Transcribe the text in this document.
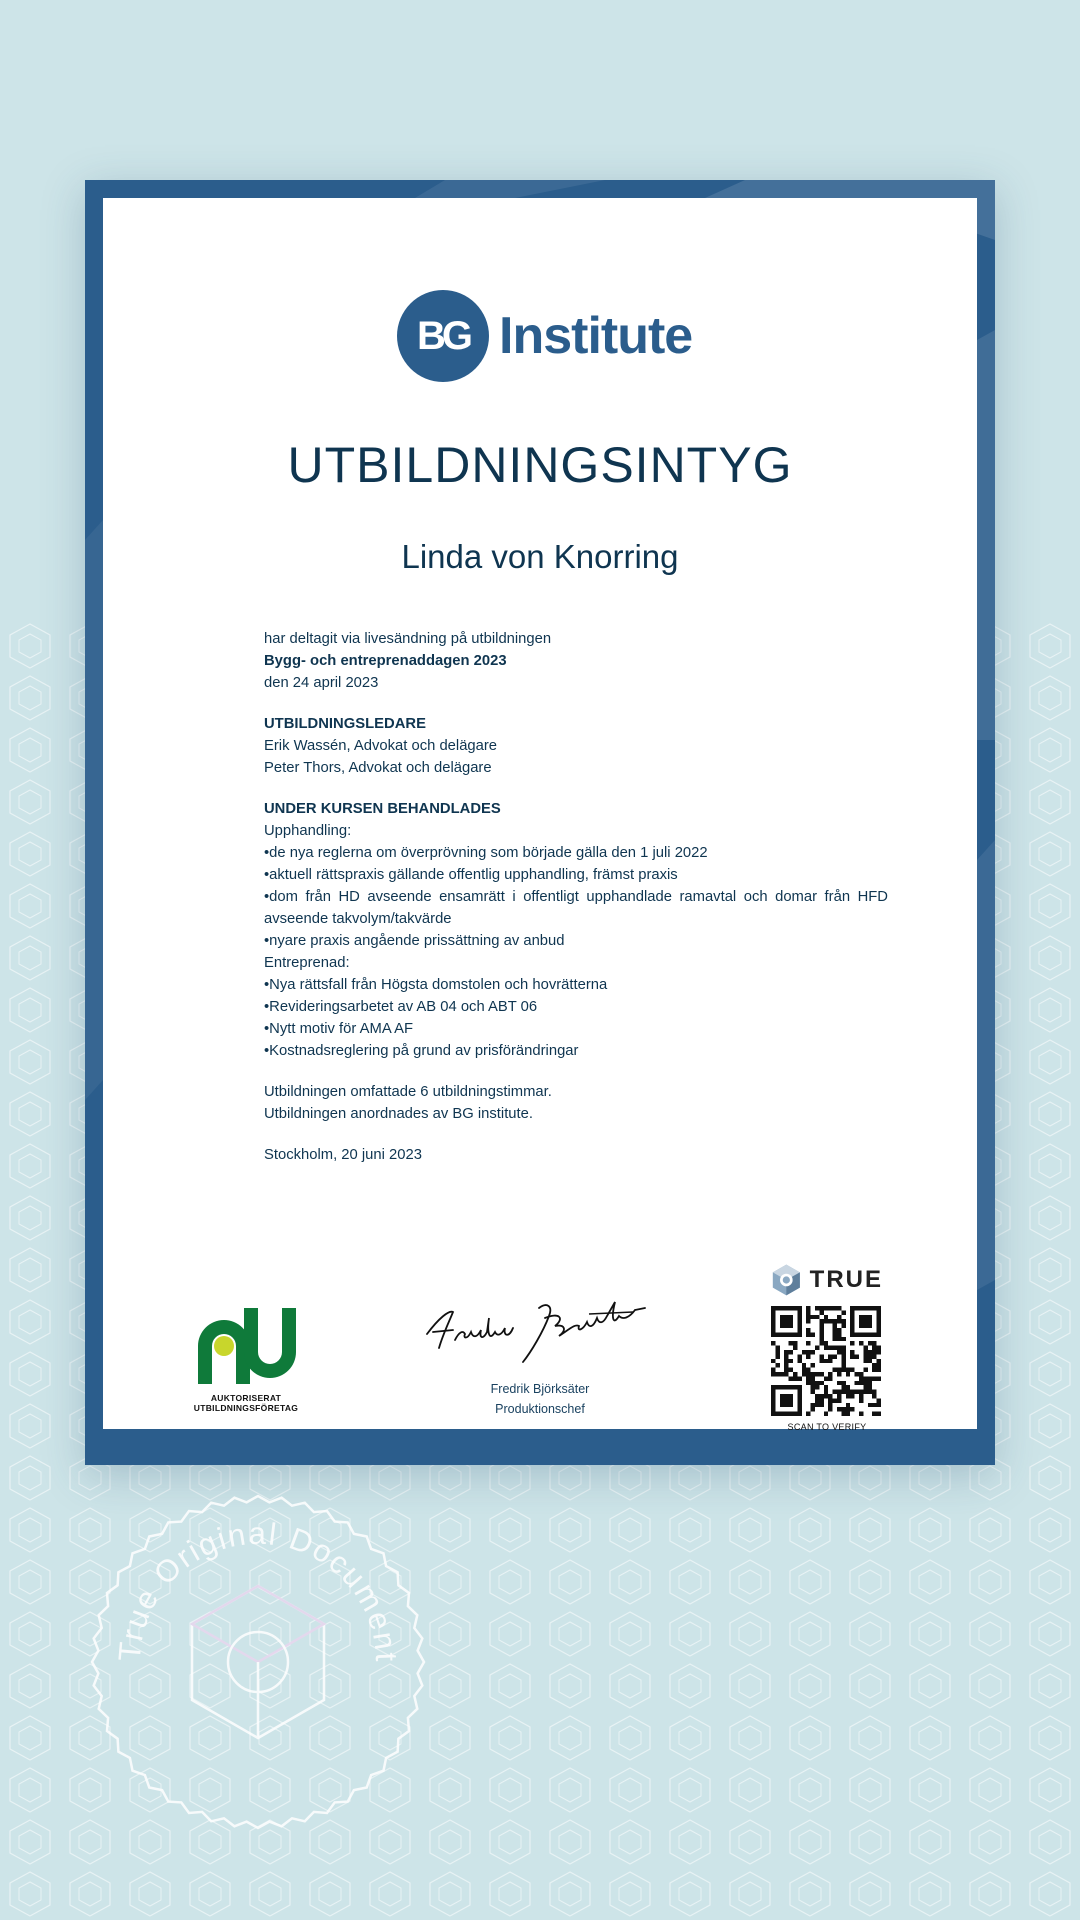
BG Institute
UTBILDNINGSINTYG
Linda von Knorring

har deltagit via livesändning på utbildningen

Bygg- och entreprenaddagen 2023

den 24 april 2023

UTBILDNINGSLEDARE

Erik Wassén, Advokat och delägare

Peter Thors, Advokat och delägare

UNDER KURSEN BEHANDLADES

Upphandling:

•de nya reglerna om överprövning som började gälla den 1 juli 2022

•aktuell rättspraxis gällande offentlig upphandling, främst praxis

•dom från HD avseende ensamrätt i offentligt upphandlade ramavtal och domar från HFD avseende takvolym/takvärde

•nyare praxis angående prissättning av anbud

Entreprenad:

•Nya rättsfall från Högsta domstolen och hovrätterna

•Revideringsarbetet av AB 04 och ABT 06

•Nytt motiv för AMA AF

•Kostnadsreglering på grund av prisförändringar

Utbildningen omfattade 6 utbildningstimmar.

Utbildningen anordnades av BG institute.

Stockholm, 20 juni 2023

AUKTORISERAT
UTBILDNINGSFÖRETAG
Fredrik Björksäter
Produktionschef
TRUE
SCAN TO VERIFY
True Original Document
